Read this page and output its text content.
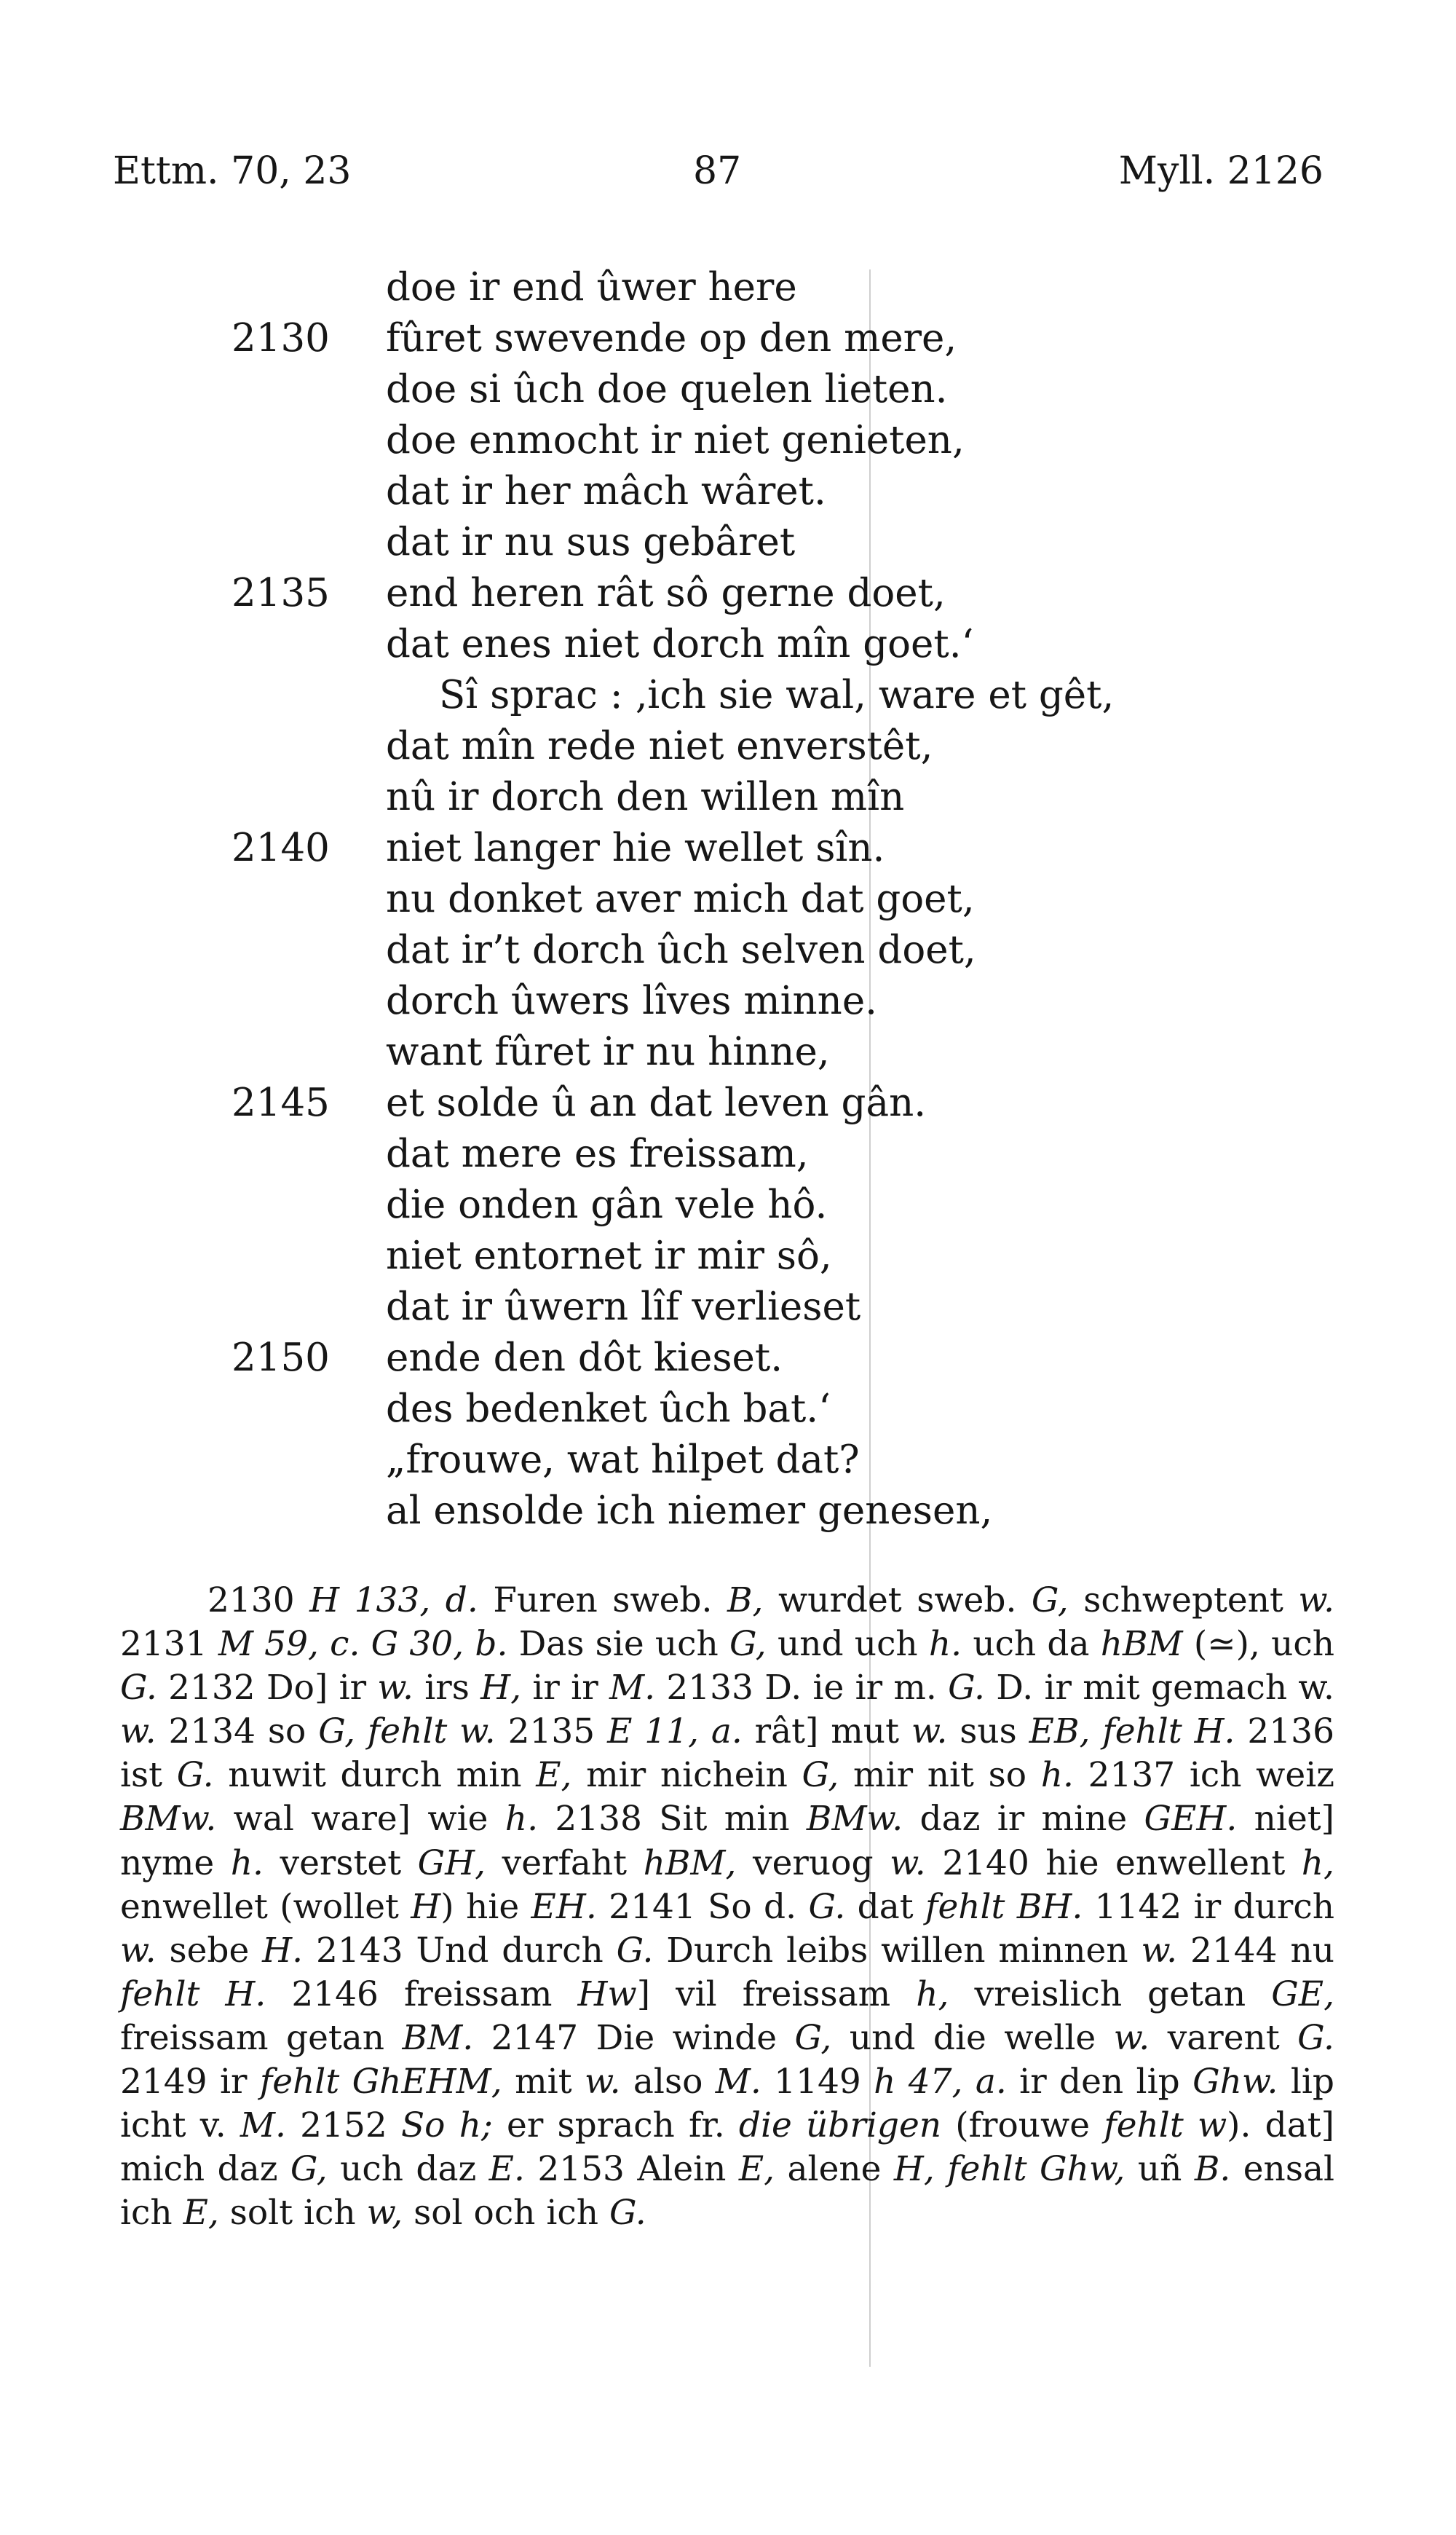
Ettm. 70, 23	87	Myll. 2126
doe ir end ûwer here
2130 fûret swevende op den mere,
doe si ûch doe quelen lieten.
doe enmocht ir niet genieten,
dat ir her mâch wâret.
dat ir nu sus gebâret
2135 end heren rât sô gerne doet,
dat enes niet dorch mîn goet.‘
Sî sprac : ‚ich sie wal, ware et gêt,
dat mîn rede niet enverstêt,
nû ir dorch den willen mîn
2140 niet langer hie wellet sîn.
nu donket aver mich dat goet,
dat ir’t dorch ûch selven doet,
dorch ûwers lîves minne.
want fûret ir nu hinne,
2145 et solde û an dat leven gân.
dat mere es freissam,
die onden gân vele hô.
niet entornet ir mir sô,
dat ir ûwern lîf verlieset
2150 ende den dôt kieset.
des bedenket ûch bat.‘
„frouwe, wat hilpet dat?
al ensolde ich niemer genesen,

2130 H 133, d. Furen sweb. B, wurdet sweb. G, schweptent w. 2131 M 59, c. G 30, b. Das sie uch G, und uch h. uch da hBM (≃), uch G. 2132 Do] ir w. irs H, ir ir M. 2133 D. ie ir m. G. D. ir mit gemach w. w. 2134 so G, fehlt w. 2135 E 11, a. rât] mut w. sus EB, fehlt H. 2136 ist G. nuwit durch min E, mir nichein G, mir nit so h. 2137 ich weiz BMw. wal ware] wie h. 2138 Sit min BMw. daz ir mine GEH. niet] nyme h. verstet GH, verfaht hBM, veruog w. 2140 hie enwellent h, enwellet (wollet H) hie EH. 2141 So d. G. dat fehlt BH. 1142 ir durch w. sebe H. 2143 Und durch G. Durch leibs willen minnen w. 2144 nu fehlt H. 2146 freissam Hw] vil freissam h, vreislich getan GE, freissam getan BM. 2147 Die winde G, und die welle w. varent G. 2149 ir fehlt GhEHM, mit w. also M. 1149 h 47, a. ir den lip Ghw. lip icht v. M. 2152 So h; er sprach fr. die übrigen (frouwe fehlt w). dat] mich daz G, uch daz E. 2153 Alein E, alene H, fehlt Ghw, uñ B. ensal ich E, solt ich w, sol och ich G.
